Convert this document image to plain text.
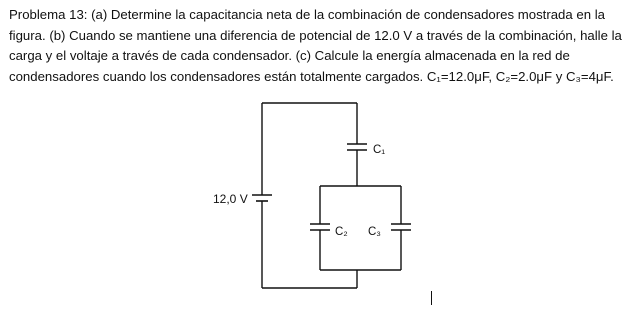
Problema 13: (a) Determine la capacitancia neta de la combinación de condensadores mostrada en la
figura. (b) Cuando se mantiene una diferencia de potencial de 12.0 V a través de la combinación, halle la
carga y el voltaje a través de cada condensador. (c) Calcule la energía almacenada en la red de
condensadores cuando los condensadores están totalmente cargados. C₁=12.0μF, C₂=2.0μF y C₃=4μF.
12,0 V
C₁
C₂ C₃
